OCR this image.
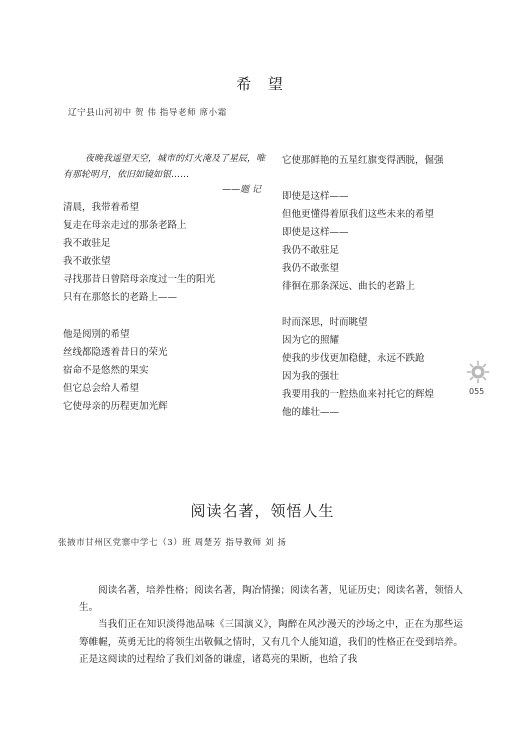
希 望
辽宁县山河初中 贺 伟 指导老师 席小霜
夜晚我遥望天空，城市的灯火淹及了星辰，唯有那轮明月，依旧如镜如银……
——题 记
清晨，我带着希望
复走在母亲走过的那条老路上
我不敢驻足
我不敢张望
寻找那昔日曾陪母亲度过一生的阳光
只有在那悠长的老路上——
他是阅別的希望
丝线都隐透着昔日的荣光
宿命不是悠然的果实
但它总会给人希望
它使母亲的历程更加光辉
它使那鲜艳的五星红旗变得洒脱，倔强
即使是这样——
但他更懂得着原我们这些未来的希望
即使是这样——
我仍不敢驻足
我仍不敢张望
徘徊在那条深远、曲长的老路上
时而深思，时而眺望
因为它的照耀
使我的步伐更加稳健，永远不跌跄
因为我的强壮
我要用我的一腔热血来衬托它的辉煌
他的雄壮——
055
阅读名著，领悟人生
张掖市甘州区党寨中学七（3）班 周楚芳 指导教师 刘 扬

阅读名著，培养性格；阅读名著，陶冶情操；阅读名著，见证历史；阅读名著，领悟人生。

当我们正在知识淡得池品味《三国演义》，陶醉在风沙漫天的沙场之中，正在为那些运筹帷幄，英勇无比的将领生出敬佩之情时，又有几个人能知道，我们的性格正在受到培养。正是这阅读的过程给了我们刘备的谦虚，诸葛亮的果断，也给了我
